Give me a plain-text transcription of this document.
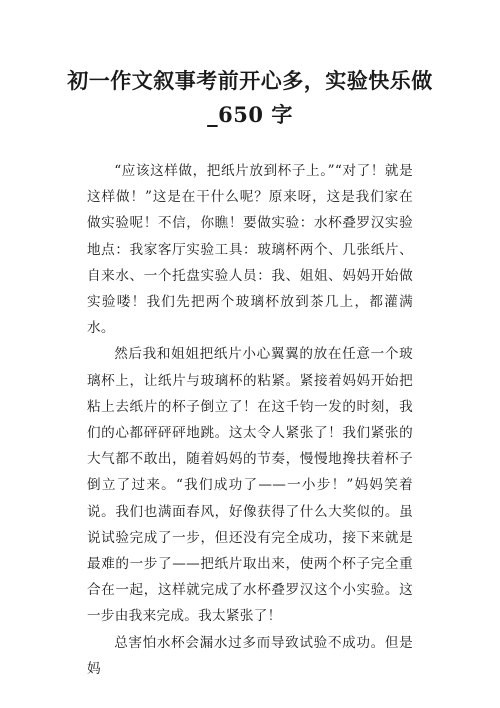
初一作文叙事考前开心多，实验快乐做_650 字

“应该这样做，把纸片放到杯子上。”“对了！就是这样做！”这是在干什么呢？原来呀，这是我们家在做实验呢！不信，你瞧！要做实验：水杯叠罗汉实验地点：我家客厅实验工具：玻璃杯两个、几张纸片、自来水、一个托盘实验人员：我、姐姐、妈妈开始做实验喽！我们先把两个玻璃杯放到茶几上，都灌满水。

然后我和姐姐把纸片小心翼翼的放在任意一个玻璃杯上，让纸片与玻璃杯的粘紧。紧接着妈妈开始把粘上去纸片的杯子倒立了！在这千钧一发的时刻，我们的心都砰砰砰地跳。这太令人紧张了！我们紧张的大气都不敢出，随着妈妈的节奏，慢慢地搀扶着杯子倒立了过来。“我们成功了——一小步！”妈妈笑着说。我们也满面春风，好像获得了什么大奖似的。虽说试验完成了一步，但还没有完全成功，接下来就是最难的一步了——把纸片取出来，使两个杯子完全重合在一起，这样就完成了水杯叠罗汉这个小实验。这一步由我来完成。我太紧张了！

总害怕水杯会漏水过多而导致试验不成功。但是妈
